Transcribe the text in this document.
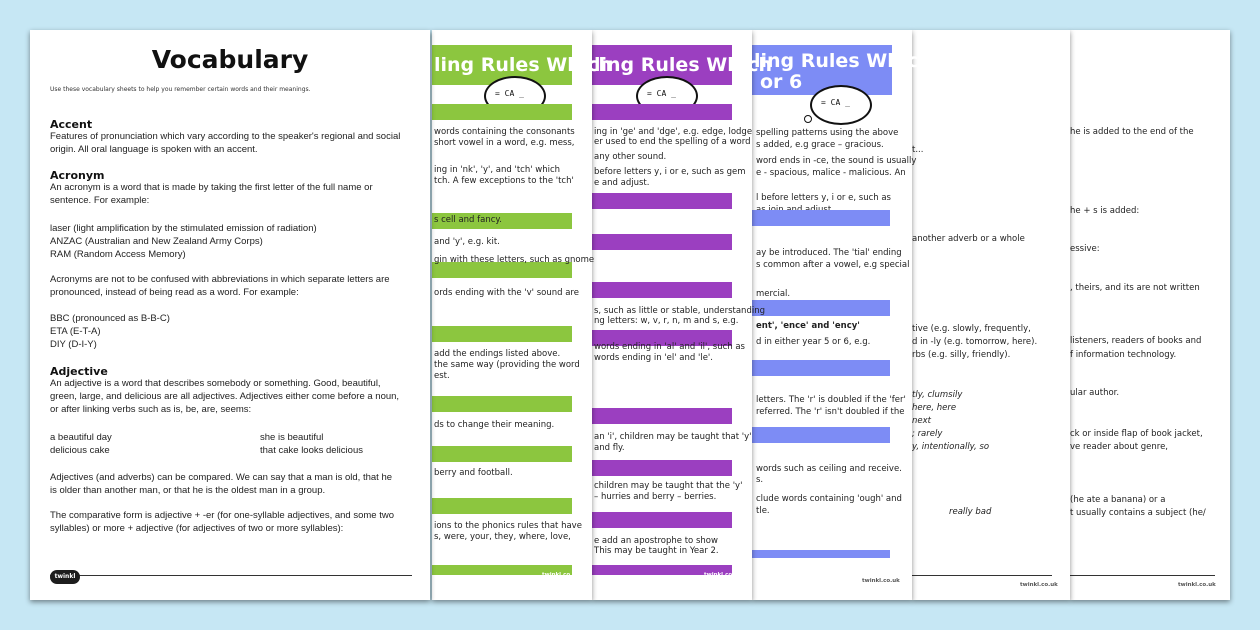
he is added to the end of the

he + s is added:

essive:

, theirs, and its are not written

listeners, readers of books and

f information technology.

ular author.

ck or inside flap of book jacket,

ve reader about genre,

(he ate a banana) or a

t usually contains a subject (he/

twinkl.co.uk

t...

another adverb or a whole

tive (e.g. slowly, frequently,

d in -ly (e.g. tomorrow, here).

rbs (e.g. silly, friendly).

tly, clumsily

here, here

next

; rarely

y, intentionally, so

really bad

twinkl.co.uk
ling Rules Which
or 6
= CA _

spelling patterns using the above

s added, e.g grace – gracious.

word ends in -ce, the sound is usually

e - spacious, malice - malicious. An

l before letters y, i or e, such as

ay be introduced. The 'tial' ending

s common after a vowel, e.g special

mercial.

ent', 'ence' and 'ency'

d in either year 5 or 6, e.g.

letters. The 'r' is doubled if the 'fer'

referred. The 'r' isn't doubled if the

words such as ceiling and receive.

s.

clude words containing 'ough' and

tle.

twinkl.co.uk
ling Rules Which
= CA _

ing in 'ge' and 'dge', e.g. edge, lodge

er used to end the spelling of a word

any other sound.

before letters y, i or e, such as gem

e and adjust.

s, such as little or stable, understanding

ng letters: w, v, r, n, m and s, e.g.

words ending in 'al' and 'il', such as

words ending in 'el' and 'le'.

an 'i', children may be taught that 'y'

and fly.

children may be taught that the 'y'

– hurries and berry – berries.

e add an apostrophe to show

This may be taught in Year 2.

twinkl.co.uk
ling Rules Which
= CA _

words containing the consonants

short vowel in a word, e.g. mess,

ing in 'nk', 'y', and 'tch' which

tch. A few exceptions to the 'tch'

s cell and fancy.

and 'y', e.g. kit.

gin with these letters, such as gnome

ords ending with the 'v' sound are

add the endings listed above.

the same way (providing the word

est.

ds to change their meaning.

berry and football.

ions to the phonics rules that have

s, were, your, they, where, love,

twinkl.co.uk
Vocabulary
Use these vocabulary sheets to help you remember certain words and their meanings.
Accent

Features of pronunciation which vary according to the speaker's regional and social

origin. All oral language is spoken with an accent.

Acronym

An acronym is a word that is made by taking the first letter of the full name or

sentence. For example:

laser (light amplification by the stimulated emission of radiation)

ANZAC (Australian and New Zealand Army Corps)

RAM (Random Access Memory)

Acronyms are not to be confused with abbreviations in which separate letters are

pronounced, instead of being read as a word. For example:

BBC (pronounced as B-B-C)

ETA (E-T-A)

DIY (D-I-Y)

Adjective

An adjective is a word that describes somebody or something. Good, beautiful,

green, large, and delicious are all adjectives. Adjectives either come before a noun,

or after linking verbs such as is, be, are, seems:

a beautiful day

delicious cake

she is beautiful

that cake looks delicious

Adjectives (and adverbs) can be compared. We can say that a man is old, that he

is older than another man, or that he is the oldest man in a group.

The comparative form is adjective + -er (for one-syllable adjectives, and some two

syllables) or more + adjective (for adjectives of two or more syllables):

twinkl
